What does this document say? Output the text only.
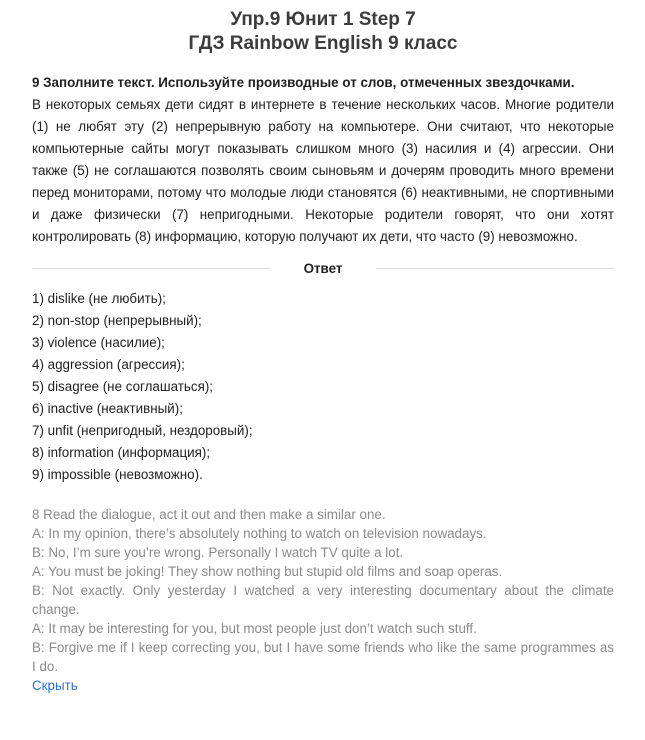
Упр.9 Юнит 1 Step 7
ГДЗ Rainbow English 9 класс
9 Заполните текст. Используйте производные от слов, отмеченных звездочками.
В некоторых семьях дети сидят в интернете в течение нескольких часов. Многие родители (1) не любят эту (2) непрерывную работу на компьютере. Они считают, что некоторые компьютерные сайты могут показывать слишком много (3) насилия и (4) агрессии. Они также (5) не соглашаются позволять своим сыновьям и дочерям проводить много времени перед мониторами, потому что молодые люди становятся (6) неактивными, не спортивными и даже физически (7) непригодными. Некоторые родители говорят, что они хотят контролировать (8) информацию, которую получают их дети, что часто (9) невозможно.
Ответ
1) dislike (не любить);
2) non-stop (непрерывный);
3) violence (насилие);
4) aggression (агрессия);
5) disagree (не соглашаться);
6) inactive (неактивный);
7) unfit (непригодный, нездоровый);
8) information (информация);
9) impossible (невозможно).
8 Read the dialogue, act it out and then make a similar one.
A: In my opinion, there’s absolutely nothing to watch on television nowadays.
B: No, I’m sure you’re wrong. Personally I watch TV quite a lot.
A: You must be joking! They show nothing but stupid old films and soap operas.
B: Not exactly. Only yesterday I watched a very interesting documentary about the climate change.
A: It may be interesting for you, but most people just don’t watch such stuff.
B: Forgive me if I keep correcting you, but I have some friends who like the same programmes as I do.
Скрыть
